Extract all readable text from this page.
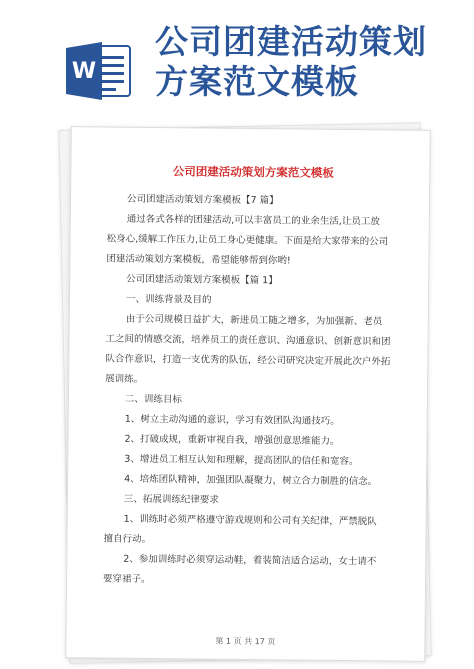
W
公司团建活动策划
方案范文模板
公司团建活动策划方案范文模板

公司团建活动策划方案模板【7 篇】

通过各式各样的团建活动,可以丰富员工的业余生活,让员工放

松身心,缓解工作压力,让员工身心更健康。下面是给大家带来的公司

团建活动策划方案模板，希望能够帮到你哟!

公司团建活动策划方案模板【篇 1】

一、训练背景及目的

由于公司规模日益扩大，新进员工随之增多，为加强新、老员

工之间的情感交流，培养员工的责任意识、沟通意识、创新意识和团

队合作意识，打造一支优秀的队伍，经公司研究决定开展此次户外拓

展训练。

二、训练目标

1、树立主动沟通的意识，学习有效团队沟通技巧。

2、打破成规，重新审视自我，增强创意思维能力。

3、增进员工相互认知和理解，提高团队的信任和宽容。

4、培炼团队精神，加强团队凝聚力，树立合力制胜的信念。

三、拓展训练纪律要求

1、训练时必须严格遵守游戏规则和公司有关纪律，严禁脱队

擅自行动。

2、参加训练时必须穿运动鞋，着装简洁适合运动，女士请不

要穿裙子。

第 1 页 共 17 页
